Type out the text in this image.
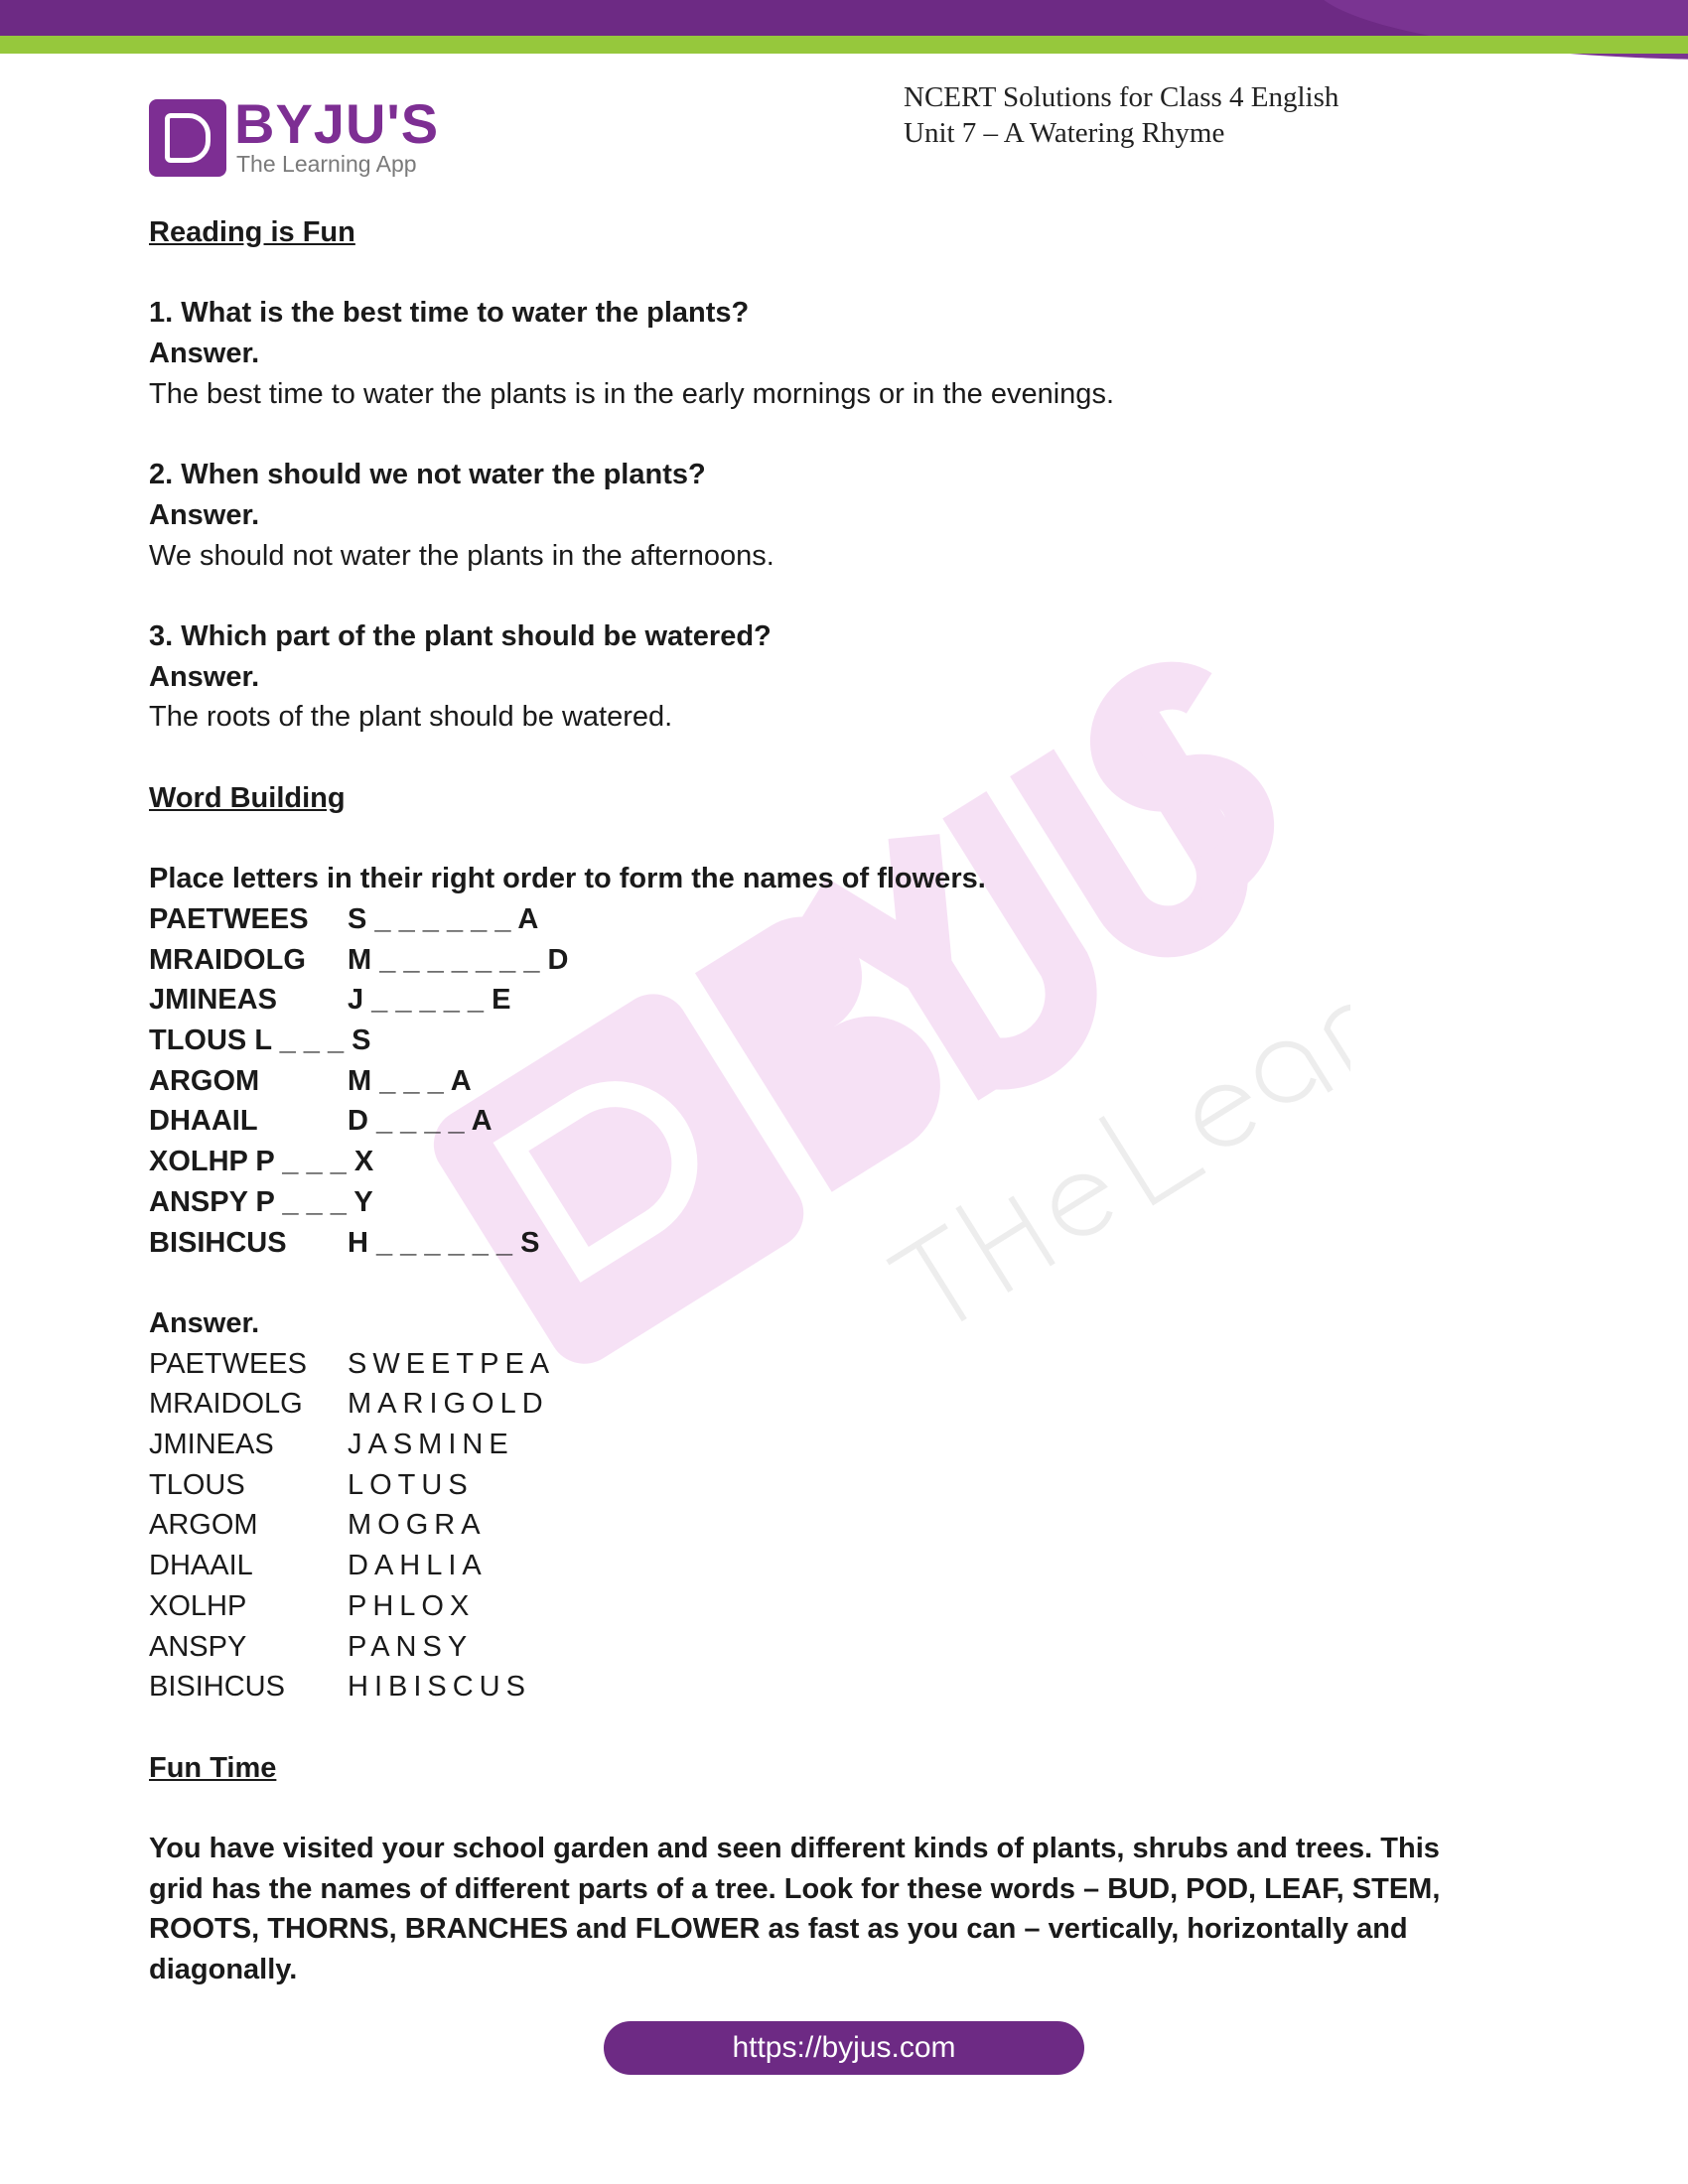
BYJU'S
The Learning App
NCERT Solutions for Class 4 English
Unit 7 – A Watering Rhyme
Reading is Fun
1. What is the best time to water the plants?
Answer.
The best time to water the plants is in the early mornings or in the evenings.
2. When should we not water the plants?
Answer.
We should not water the plants in the afternoons.
3. Which part of the plant should be watered?
Answer.
The roots of the plant should be watered.
Word Building
Place letters in their right order to form the names of flowers.
PAETWEES	S _ _ _ _ _ _ A
MRAIDOLG	M _ _ _ _ _ _ _ D
JMINEAS	J _ _ _ _ _ E
TLOUS L _ _ _ S
ARGOM	M _ _ _ A
DHAAIL	D _ _ _ _ A
XOLHP P _ _ _ X
ANSPY P _ _ _ Y
BISIHCUS	H _ _ _ _ _ _ S
Answer.
PAETWEES	SWEETPEA
MRAIDOLG	MARIGOLD
JMINEAS	JASMINE
TLOUS	LOTUS
ARGOM	MOGRA
DHAAIL	DAHLIA
XOLHP	PHLOX
ANSPY	PANSY
BISIHCUS	HIBISCUS
Fun Time
You have visited your school garden and seen different kinds of plants, shrubs and trees. This grid has the names of different parts of a tree. Look for these words – BUD, POD, LEAF, STEM, ROOTS, THORNS, BRANCHES and FLOWER as fast as you can – vertically, horizontally and diagonally.
https://byjus.com
